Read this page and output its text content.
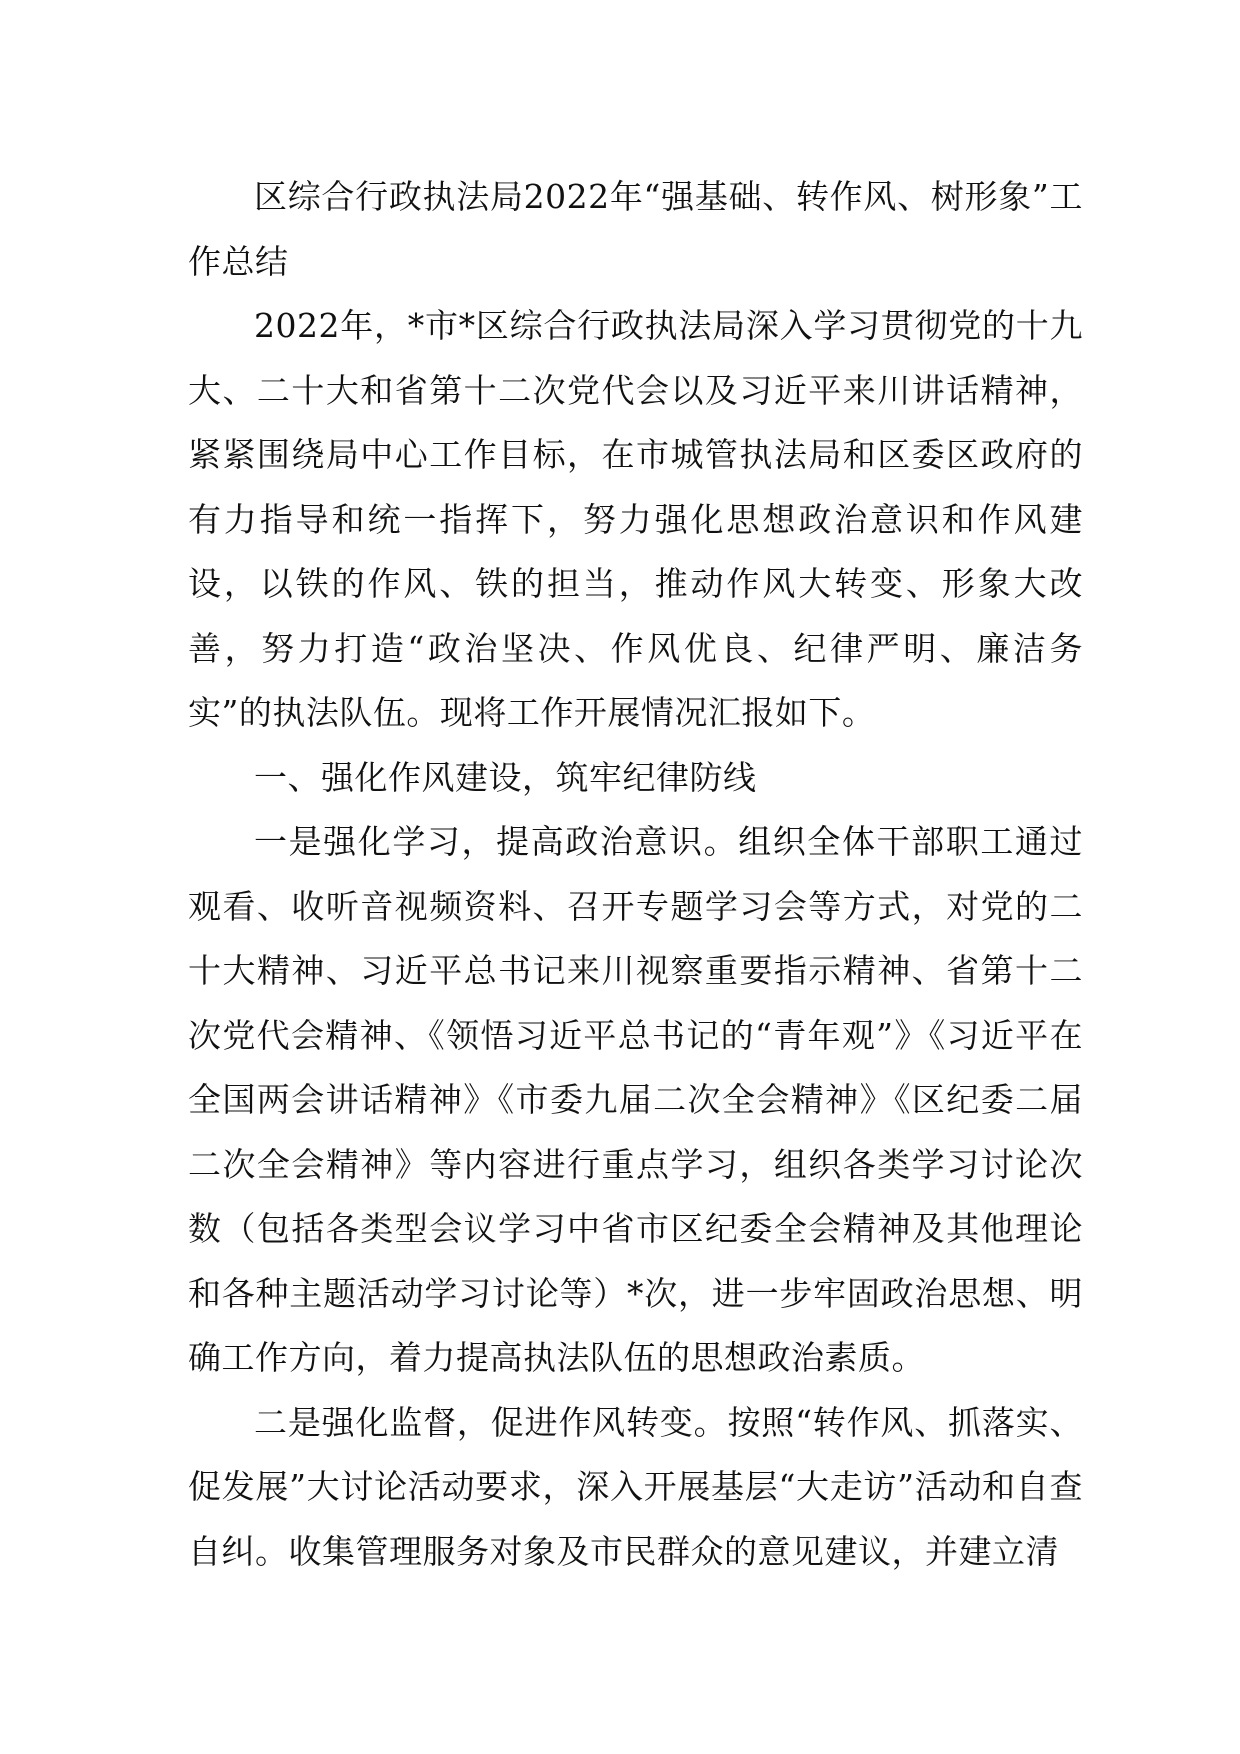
区综合行政执法局2022年“强基础、转作风、树形象”工作总结

2022年，*市*区综合行政执法局深入学习贯彻党的十九大、二十大和省第十二次党代会以及习近平来川讲话精神，紧紧围绕局中心工作目标，在市城管执法局和区委区政府的有力指导和统一指挥下，努力强化思想政治意识和作风建设，以铁的作风、铁的担当，推动作风大转变、形象大改善，努力打造“政治坚决、作风优良、纪律严明、廉洁务实”的执法队伍。现将工作开展情况汇报如下。

一、强化作风建设，筑牢纪律防线

一是强化学习，提高政治意识。组织全体干部职工通过观看、收听音视频资料、召开专题学习会等方式，对党的二十大精神、习近平总书记来川视察重要指示精神、省第十二次党代会精神、《领悟习近平总书记的“青年观”》《习近平在全国两会讲话精神》《市委九届二次全会精神》《区纪委二届二次全会精神》等内容进行重点学习，组织各类学习讨论次数（包括各类型会议学习中省市区纪委全会精神及其他理论和各种主题活动学习讨论等）*次，进一步牢固政治思想、明确工作方向，着力提高执法队伍的思想政治素质。

二是强化监督，促进作风转变。按照“转作风、抓落实、促发展”大讨论活动要求，深入开展基层“大走访”活动和自查自纠。收集管理服务对象及市民群众的意见建议，并建立清
